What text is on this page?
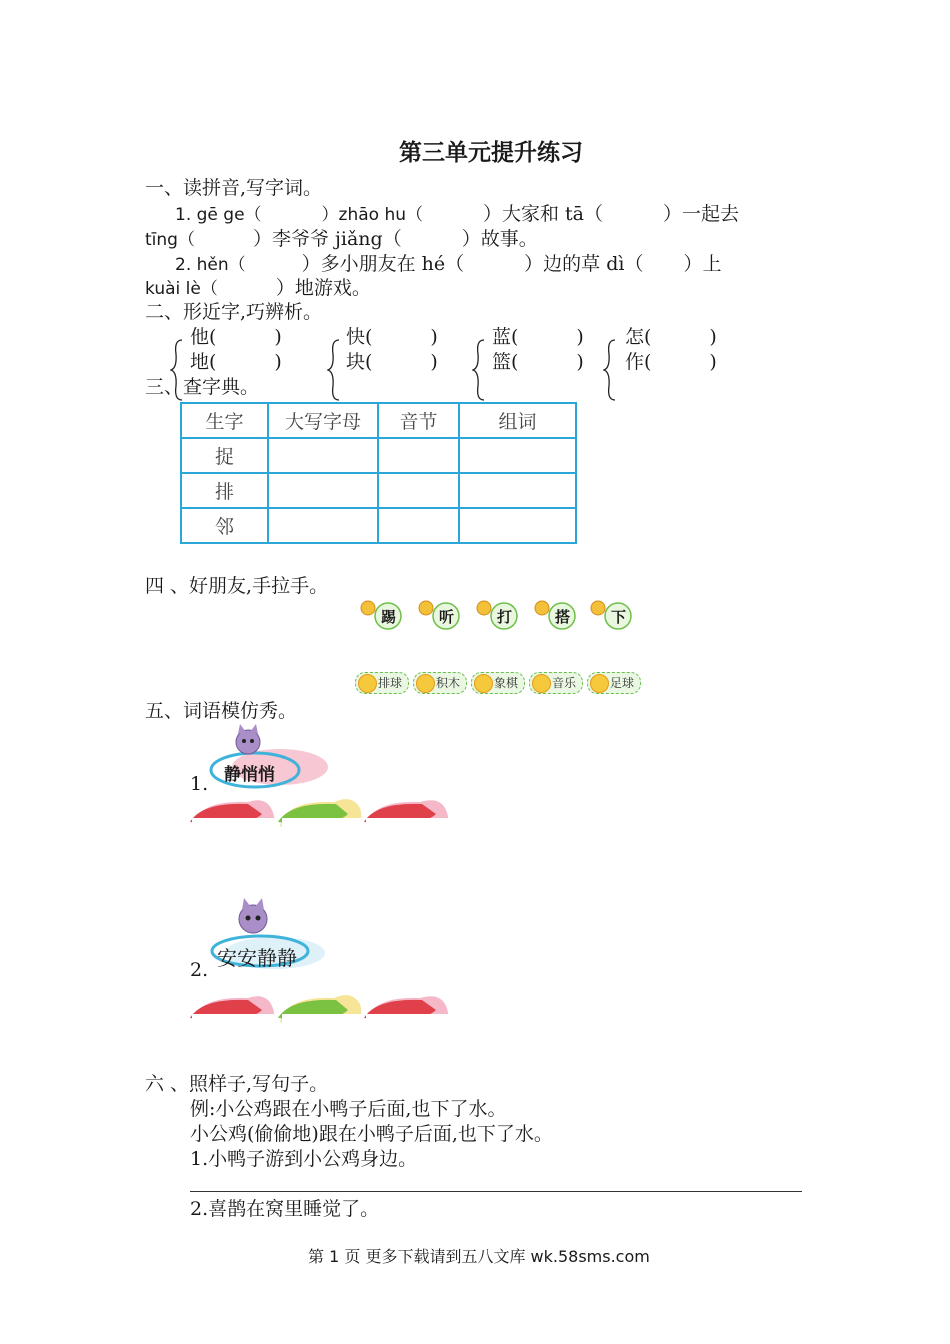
第三单元提升练习
一、读拼音,写字词。
1. gē ge（	）zhāo hu（	）大家和 tā（	）一起去
tīng（	）李爷爷 jiǎng（	）故事。
2. hěn（	）多小朋友在 hé（	）边的草 dì（ ）上
kuài lè（	）地游戏。
二、形近字,巧辨析。
他(	)
地(	)
快(	)
块(	)
蓝(	)
篮(	)
怎(	)
作(	)
三、查字典。
生字	大写字母	音节	组词
捉			
排			
邻			
四 、好朋友,手拉手。
踢	听	打	搭	下
排球	积木	象棋	音乐	足球
五、词语模仿秀。
1. 静悄悄
2. 安安静静
六 、照样子,写句子。
例:小公鸡跟在小鸭子后面,也下了水。
小公鸡(偷偷地)跟在小鸭子后面,也下了水。
1.小鸭子游到小公鸡身边。
2.喜鹊在窝里睡觉了。
第 1 页 更多下载请到五八文库 wk.58sms.com
